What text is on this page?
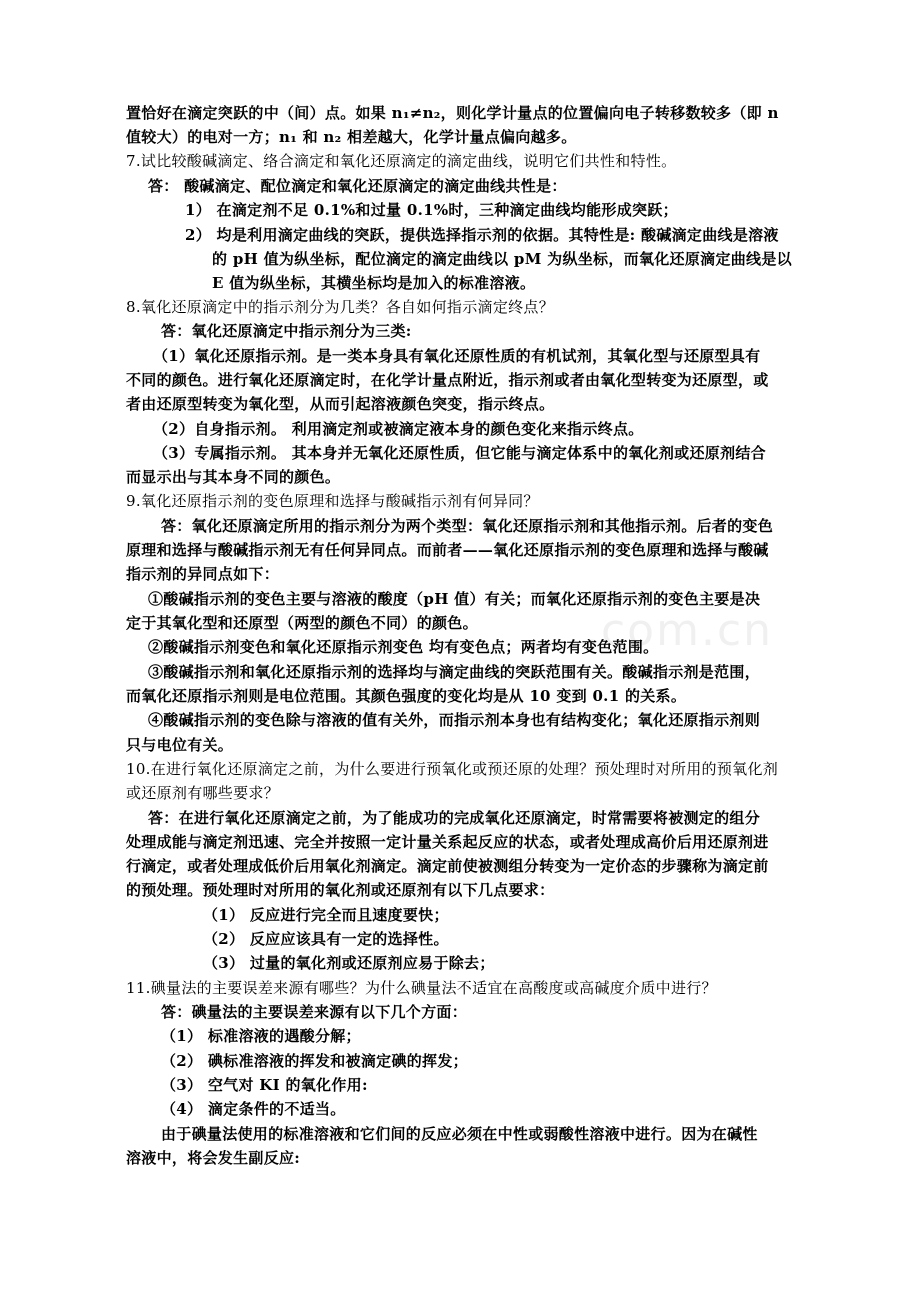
.com.cn
置恰好在滴定突跃的中（间）点。如果 n₁≠n₂，则化学计量点的位置偏向电子转移数较多（即 n
值较大）的电对一方；n₁ 和 n₂ 相差越大，化学计量点偏向越多。
7.试比较酸碱滴定、络合滴定和氧化还原滴定的滴定曲线，说明它们共性和特性。
答： 酸碱滴定、配位滴定和氧化还原滴定的滴定曲线共性是：
1） 在滴定剂不足 0.1%和过量 0.1%时，三种滴定曲线均能形成突跃；
2） 均是利用滴定曲线的突跃，提供选择指示剂的依据。其特性是: 酸碱滴定曲线是溶液
的 pH 值为纵坐标，配位滴定的滴定曲线以 pM 为纵坐标，而氧化还原滴定曲线是以
E 值为纵坐标，其横坐标均是加入的标准溶液。
8.氧化还原滴定中的指示剂分为几类？各自如何指示滴定终点？
答：氧化还原滴定中指示剂分为三类:
（1）氧化还原指示剂。是一类本身具有氧化还原性质的有机试剂，其氧化型与还原型具有
不同的颜色。进行氧化还原滴定时，在化学计量点附近，指示剂或者由氧化型转变为还原型，或
者由还原型转变为氧化型，从而引起溶液颜色突变，指示终点。
（2）自身指示剂。 利用滴定剂或被滴定液本身的颜色变化来指示终点。
（3）专属指示剂。 其本身并无氧化还原性质，但它能与滴定体系中的氧化剂或还原剂结合
而显示出与其本身不同的颜色。
9.氧化还原指示剂的变色原理和选择与酸碱指示剂有何异同？
答：氧化还原滴定所用的指示剂分为两个类型：氧化还原指示剂和其他指示剂。后者的变色
原理和选择与酸碱指示剂无有任何异同点。而前者——氧化还原指示剂的变色原理和选择与酸碱
指示剂的异同点如下：
①酸碱指示剂的变色主要与溶液的酸度（pH 值）有关；而氧化还原指示剂的变色主要是决
定于其氧化型和还原型（两型的颜色不同）的颜色。
②酸碱指示剂变色和氧化还原指示剂变色 均有变色点；两者均有变色范围。
③酸碱指示剂和氧化还原指示剂的选择均与滴定曲线的突跃范围有关。酸碱指示剂是范围，
而氧化还原指示剂则是电位范围。其颜色强度的变化均是从 10 变到 0.1 的关系。
④酸碱指示剂的变色除与溶液的值有关外，而指示剂本身也有结构变化；氧化还原指示剂则
只与电位有关。
10.在进行氧化还原滴定之前，为什么要进行预氧化或预还原的处理？预处理时对所用的预氧化剂
或还原剂有哪些要求？
答：在进行氧化还原滴定之前，为了能成功的完成氧化还原滴定，时常需要将被测定的组分
处理成能与滴定剂迅速、完全并按照一定计量关系起反应的状态，或者处理成高价后用还原剂进
行滴定，或者处理成低价后用氧化剂滴定。滴定前使被测组分转变为一定价态的步骤称为滴定前
的预处理。预处理时对所用的氧化剂或还原剂有以下几点要求：
（1） 反应进行完全而且速度要快；
（2） 反应应该具有一定的选择性。
（3） 过量的氧化剂或还原剂应易于除去；
11.碘量法的主要误差来源有哪些？为什么碘量法不适宜在高酸度或高碱度介质中进行？
答：碘量法的主要误差来源有以下几个方面：
（1） 标准溶液的遇酸分解；
（2） 碘标准溶液的挥发和被滴定碘的挥发；
（3） 空气对 KI 的氧化作用:
（4） 滴定条件的不适当。
由于碘量法使用的标准溶液和它们间的反应必须在中性或弱酸性溶液中进行。因为在碱性
溶液中，将会发生副反应:
